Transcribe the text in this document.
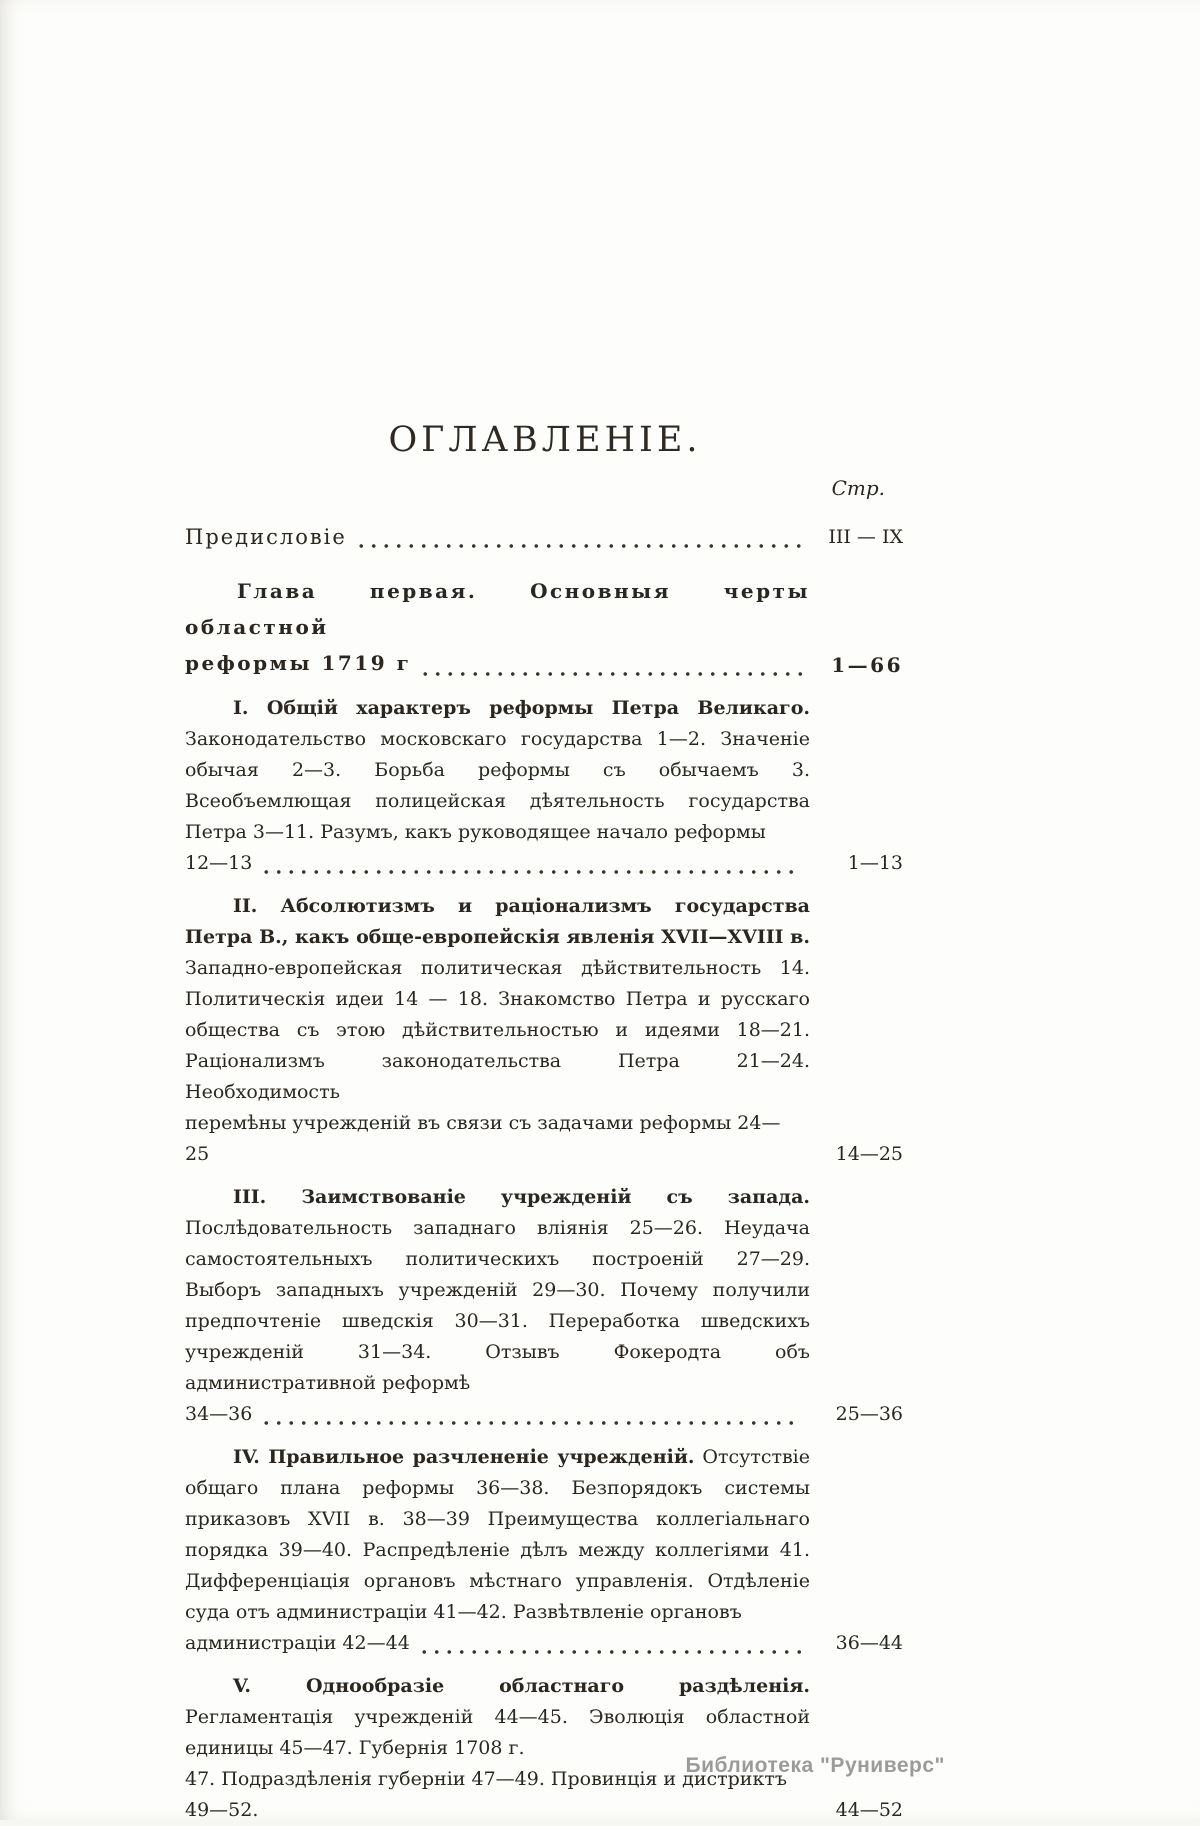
ОГЛАВЛЕНІЕ.
Стр.
Предисловіе	III — IX
Глава первая. Основныя черты областной
реформы 1719 г	1—66

I. Общій характеръ реформы Петра Великаго. Законодательство московскаго государства 1—2. Значеніе обычая 2—3. Борьба реформы съ обычаемъ 3. Всеобъемлющая полицейская дѣятельность государства Петра 3—11. Разумъ, какъ руководящее начало реформы

12—13	1—13

II. Абсолютизмъ и раціонализмъ государства Петра В., какъ обще-европейскія явленія XVII—XVIII в. Западно-европейская политическая дѣйствительность 14. Политическія идеи 14 — 18. Знакомство Петра и русскаго общества съ этою дѣйствительностью и идеями 18—21. Раціонализмъ законодательства Петра 21—24. Необходимость

перемѣны учрежденій въ связи съ задачами реформы 24—25	14—25

III. Заимствованіе учрежденій съ запада. Послѣдовательность западнаго вліянія 25—26. Неудача самостоятельныхъ политическихъ построеній 27—29. Выборъ западныхъ учрежденій 29—30. Почему получили предпочтеніе шведскія 30—31. Переработка шведскихъ учрежденій 31—34. Отзывъ Фокеродта объ административной реформѣ

34—36	25—36

IV. Правильное разчлененіе учрежденій. Отсутствіе общаго плана реформы 36—38. Безпорядокъ системы приказовъ XVII в. 38—39 Преимущества коллегіальнаго порядка 39—40. Распредѣленіе дѣлъ между коллегіями 41. Дифференціація органовъ мѣстнаго управленія. Отдѣленіе суда отъ администраціи 41—42. Развѣтвленіе органовъ

администраціи 42—44	36—44

V. Однообразіе областнаго раздѣленія. Регламентація учрежденій 44—45. Эволюція областной единицы 45—47. Губернія 1708 г.

47. Подраздѣленія губерніи 47—49. Провинція и дистриктъ 49—52.	44—52
Библиотека "Руниверс"
